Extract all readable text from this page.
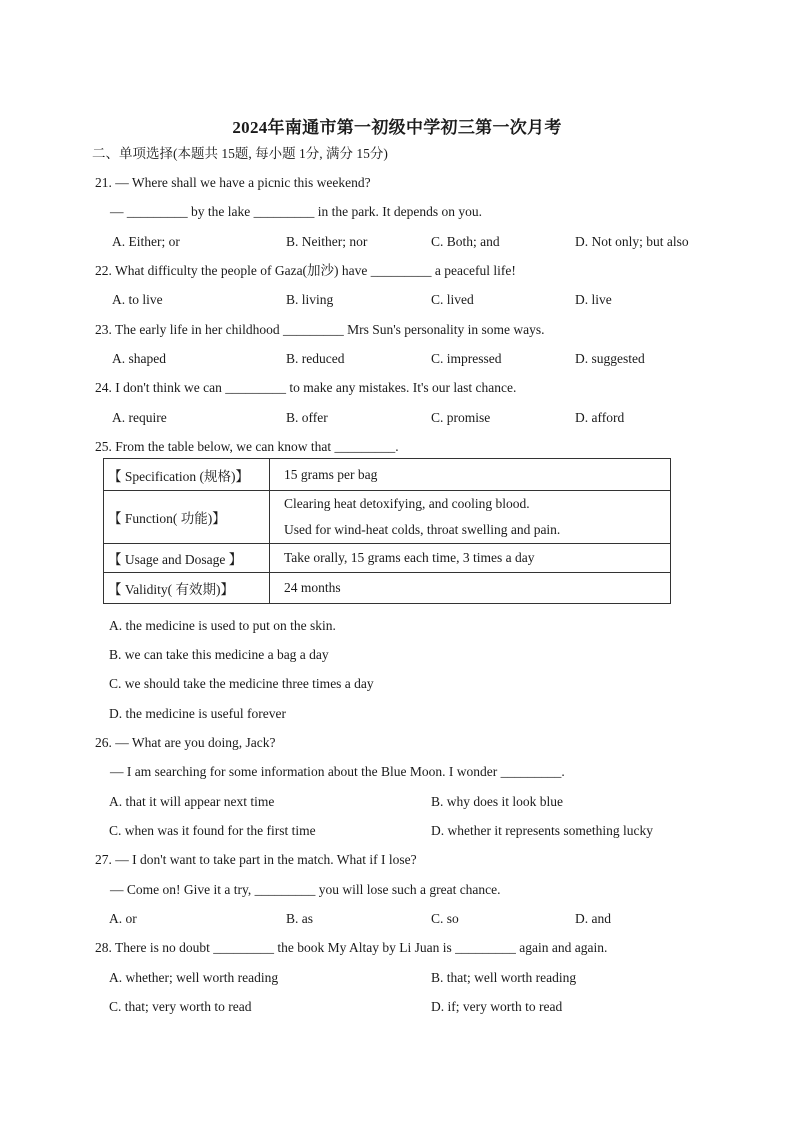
2024年南通市第一初级中学初三第一次月考
二、单项选择(本题共 15题, 每小题 1分, 满分 15分)
21. — Where shall we have a picnic this weekend?
— _________ by the lake _________ in the park. It depends on you.
A. Either; or	B. Neither; nor	C. Both; and	D. Not only; but also
22. What difficulty the people of Gaza(加沙) have _________ a peaceful life!
A. to live	B. living	C. lived	D. live
23. The early life in her childhood _________ Mrs Sun's personality in some ways.
A. shaped	B. reduced	C. impressed	D. suggested
24. I don't think we can _________ to make any mistakes. It's our last chance.
A. require	B. offer	C. promise	D. afford
25. From the table below, we can know that _________.
【 Specification (规格)】	15 grams per bag

【 Function( 功能)】	Clearing heat detoxifying, and cooling blood.
Used for wind-heat colds, throat swelling and pain.

【 Usage and Dosage 】	Take orally, 15 grams each time, 3 times a day

【 Validity( 有效期)】	24 months
A. the medicine is used to put on the skin.
B. we can take this medicine a bag a day
C. we should take the medicine three times a day
D. the medicine is useful forever
26. — What are you doing, Jack?
— I am searching for some information about the Blue Moon. I wonder _________.
A. that it will appear next time	B. why does it look blue
C. when was it found for the first time	D. whether it represents something lucky
27. — I don't want to take part in the match. What if I lose?
— Come on! Give it a try, _________ you will lose such a great chance.
A. or	B. as	C. so	D. and
28. There is no doubt _________ the book My Altay by Li Juan is _________ again and again.
A. whether; well worth reading	B. that; well worth reading
C. that; very worth to read	D. if; very worth to read
